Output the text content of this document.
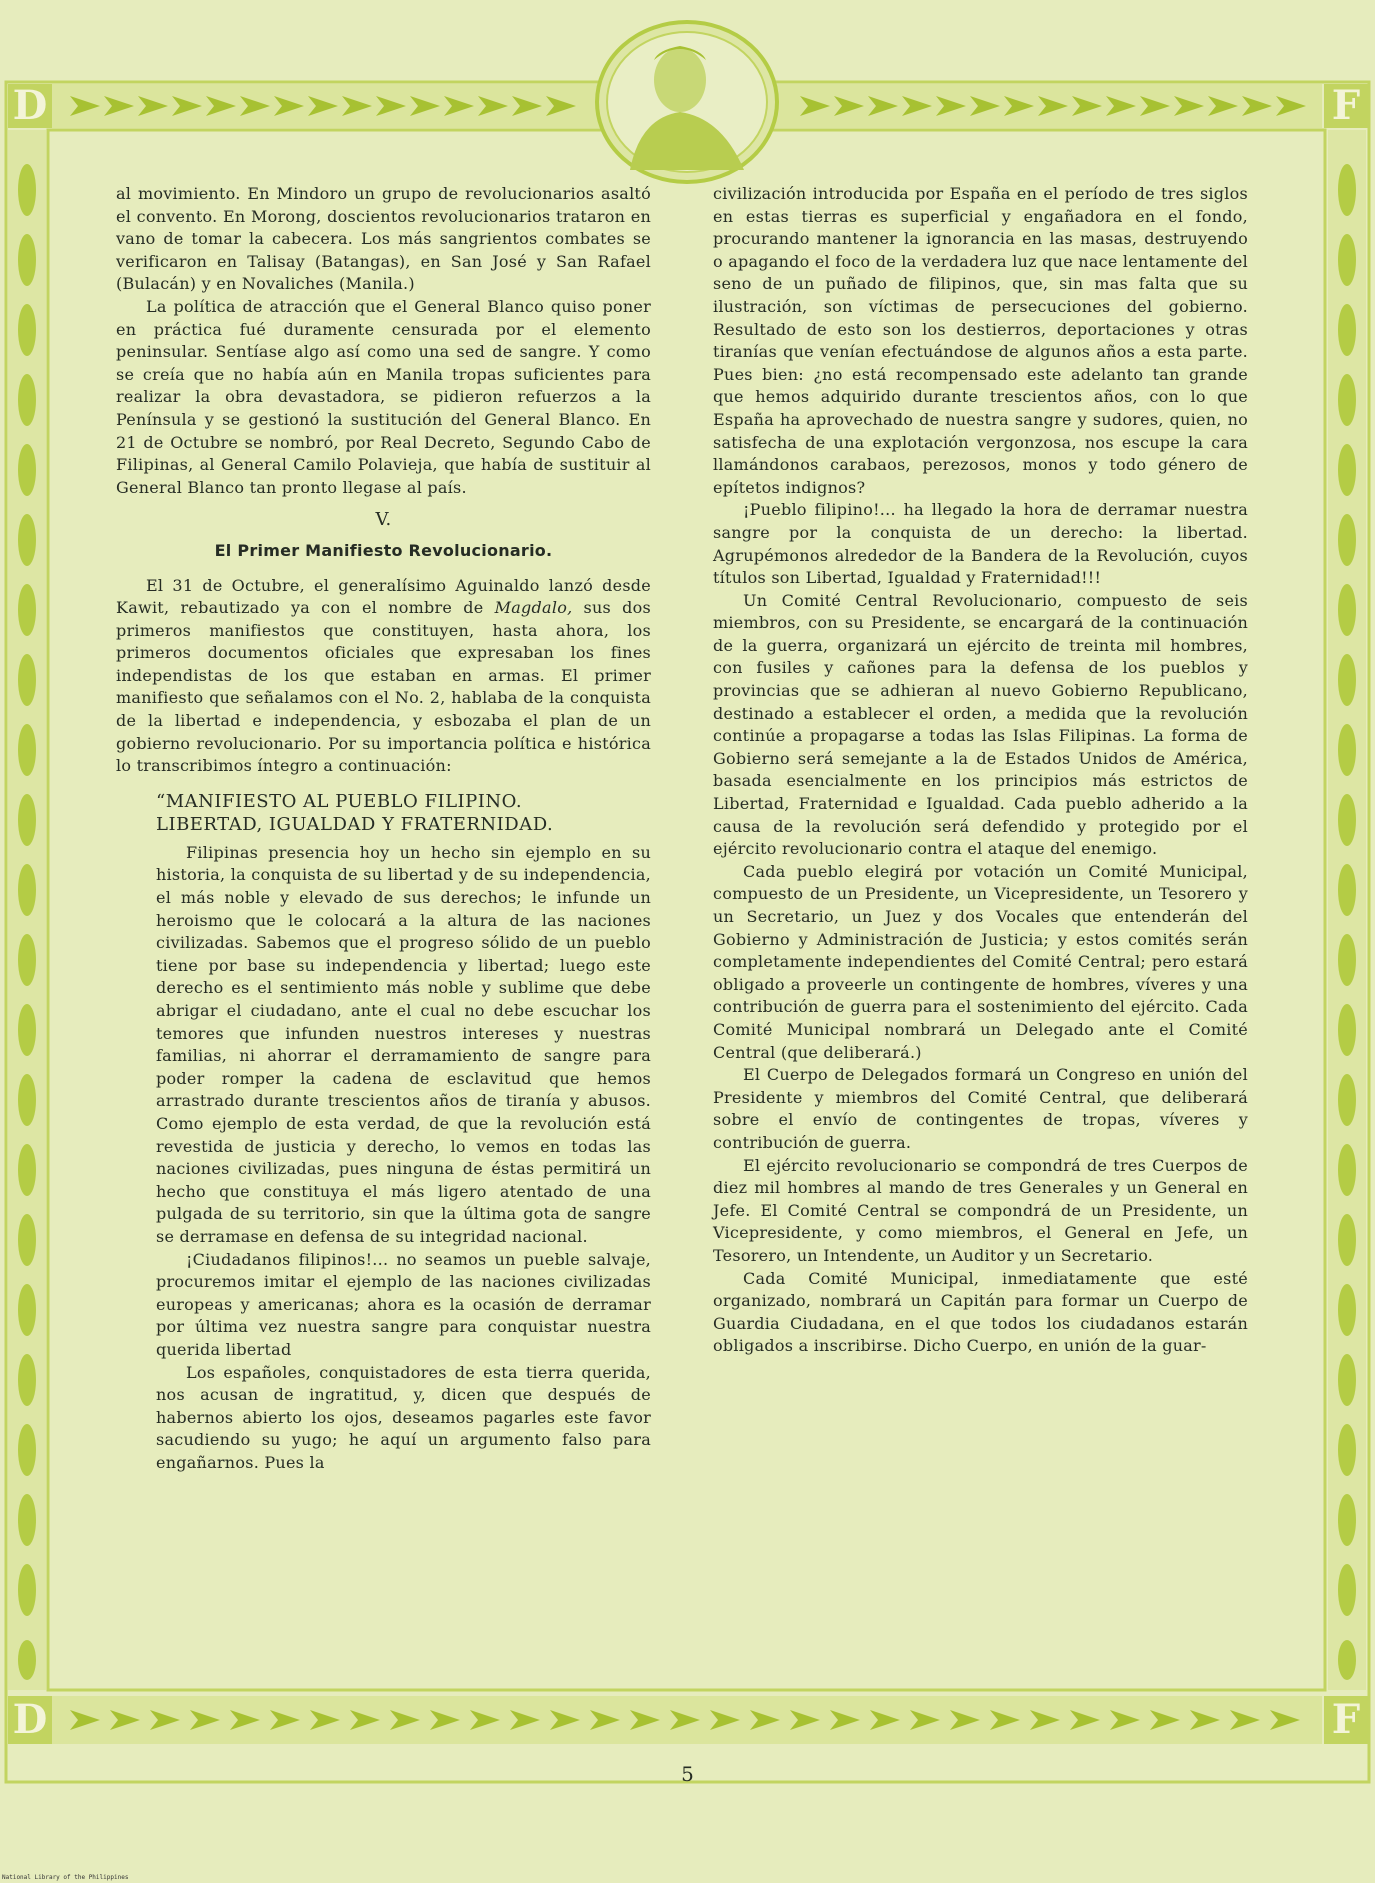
D	F
D	F

al movimiento. En Mindoro un grupo de revolucionarios asaltó el convento. En Morong, doscientos revolucionarios trataron en vano de tomar la cabecera. Los más sangrientos combates se verificaron en Talisay (Batangas), en San José y San Rafael (Bulacán) y en Novaliches (Manila.)

La política de atracción que el General Blanco quiso poner en práctica fué duramente censurada por el elemento peninsular. Sentíase algo así como una sed de sangre. Y como se creía que no había aún en Manila tropas suficientes para realizar la obra devastadora, se pidieron refuerzos a la Península y se gestionó la sustitución del General Blanco. En 21 de Octubre se nombró, por Real Decreto, Segundo Cabo de Filipinas, al General Camilo Polavieja, que había de sustituir al General Blanco tan pronto llegase al país.

V.
El Primer Manifiesto Revolucionario.

El 31 de Octubre, el generalísimo Aguinaldo lanzó desde Kawit, rebautizado ya con el nombre de Magdalo, sus dos primeros manifiestos que constituyen, hasta ahora, los primeros documentos oficiales que expresaban los fines independistas de los que estaban en armas. El primer manifiesto que señalamos con el No. 2, hablaba de la conquista de la libertad e independencia, y esbozaba el plan de un gobierno revolucionario. Por su importancia política e histórica lo transcribimos íntegro a continuación:

“MANIFIESTO AL PUEBLO FILIPINO.
LIBERTAD, IGUALDAD Y FRATERNIDAD.

Filipinas presencia hoy un hecho sin ejemplo en su historia, la conquista de su libertad y de su independencia, el más noble y elevado de sus derechos; le infunde un heroismo que le colocará a la altura de las naciones civilizadas. Sabemos que el progreso sólido de un pueblo tiene por base su independencia y libertad; luego este derecho es el sentimiento más noble y sublime que debe abrigar el ciudadano, ante el cual no debe escuchar los temores que infunden nuestros intereses y nuestras familias, ni ahorrar el derramamiento de sangre para poder romper la cadena de esclavitud que hemos arrastrado durante trescientos años de tiranía y abusos. Como ejemplo de esta verdad, de que la revolución está revestida de justicia y derecho, lo vemos en todas las naciones civilizadas, pues ninguna de éstas permitirá un hecho que constituya el más ligero atentado de una pulgada de su territorio, sin que la última gota de sangre se derramase en defensa de su integridad nacional.

¡Ciudadanos filipinos!... no seamos un pueble salvaje, procuremos imitar el ejemplo de las naciones civilizadas europeas y americanas; ahora es la ocasión de derramar por última vez nuestra sangre para conquistar nuestra querida libertad

Los españoles, conquistadores de esta tierra querida, nos acusan de ingratitud, y, dicen que después de habernos abierto los ojos, deseamos pagarles este favor sacudiendo su yugo; he aquí un argumento falso para engañarnos. Pues la

civilización introducida por España en el período de tres siglos en estas tierras es superficial y engañadora en el fondo, procurando mantener la ignorancia en las masas, destruyendo o apagando el foco de la verdadera luz que nace lentamente del seno de un puñado de filipinos, que, sin mas falta que su ilustración, son víctimas de persecuciones del gobierno. Resultado de esto son los destierros, deportaciones y otras tiranías que venían efectuándose de algunos años a esta parte. Pues bien: ¿no está recompensado este adelanto tan grande que hemos adquirido durante trescientos años, con lo que España ha aprovechado de nuestra sangre y sudores, quien, no satisfecha de una explotación vergonzosa, nos escupe la cara llamándonos carabaos, perezosos, monos y todo género de epítetos indignos?

¡Pueblo filipino!... ha llegado la hora de derramar nuestra sangre por la conquista de un derecho: la libertad. Agrupémonos alrededor de la Bandera de la Revolución, cuyos títulos son Libertad, Igualdad y Fraternidad!!!

Un Comité Central Revolucionario, compuesto de seis miembros, con su Presidente, se encargará de la continuación de la guerra, organizará un ejército de treinta mil hombres, con fusiles y cañones para la defensa de los pueblos y provincias que se adhieran al nuevo Gobierno Republicano, destinado a establecer el orden, a medida que la revolución continúe a propagarse a todas las Islas Filipinas. La forma de Gobierno será semejante a la de Estados Unidos de América, basada esencialmente en los principios más estrictos de Libertad, Fraternidad e Igualdad. Cada pueblo adherido a la causa de la revolución será defendido y protegido por el ejército revolucionario contra el ataque del enemigo.

Cada pueblo elegirá por votación un Comité Municipal, compuesto de un Presidente, un Vicepresidente, un Tesorero y un Secretario, un Juez y dos Vocales que entenderán del Gobierno y Administración de Justicia; y estos comités serán completamente independientes del Comité Central; pero estará obligado a proveerle un contingente de hombres, víveres y una contribución de guerra para el sostenimiento del ejército. Cada Comité Municipal nombrará un Delegado ante el Comité Central (que deliberará.)

El Cuerpo de Delegados formará un Congreso en unión del Presidente y miembros del Comité Central, que deliberará sobre el envío de contingentes de tropas, víveres y contribución de guerra.

El ejército revolucionario se compondrá de tres Cuerpos de diez mil hombres al mando de tres Generales y un General en Jefe. El Comité Central se compondrá de un Presidente, un Vicepresidente, y como miembros, el General en Jefe, un Tesorero, un Intendente, un Auditor y un Secretario.

Cada Comité Municipal, inmediatamente que esté organizado, nombrará un Capitán para formar un Cuerpo de Guardia Ciudadana, en el que todos los ciudadanos estarán obligados a inscribirse. Dicho Cuerpo, en unión de la guar-

5
National Library of the Philippines
